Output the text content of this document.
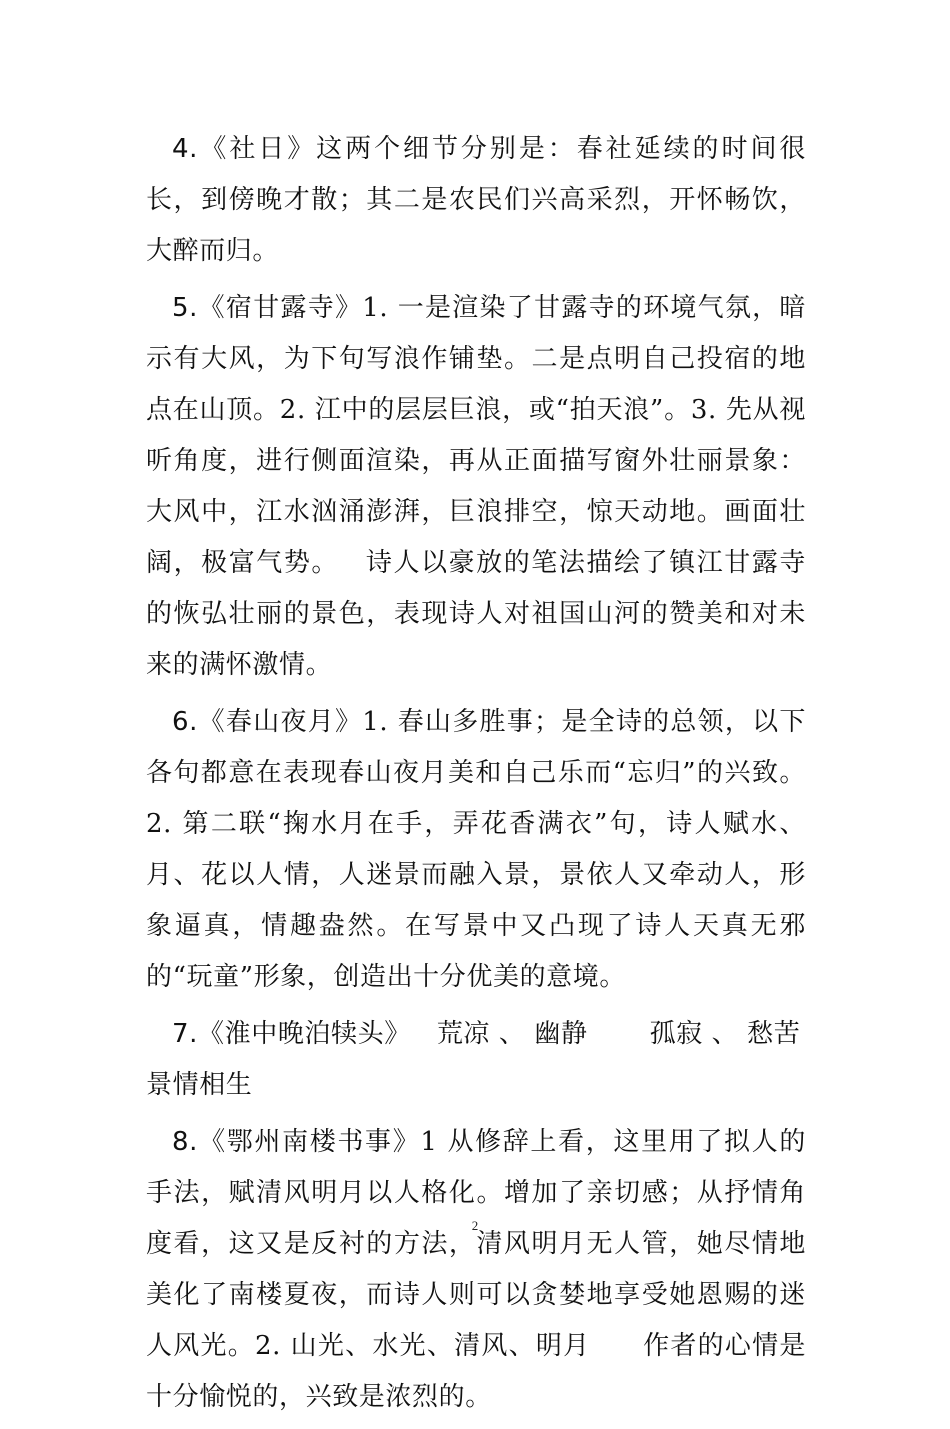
4.《社日》这两个细节分别是：春社延续的时间很长，到傍晚才散；其二是农民们兴高采烈，开怀畅饮，大醉而归。

5.《宿甘露寺》1. 一是渲染了甘露寺的环境气氛，暗示有大风，为下句写浪作铺垫。二是点明自己投宿的地点在山顶。2. 江中的层层巨浪，或“拍天浪”。3. 先从视听角度，进行侧面渲染，再从正面描写窗外壮丽景象：大风中，江水汹涌澎湃，巨浪排空，惊天动地。画面壮阔，极富气势。 诗人以豪放的笔法描绘了镇江甘露寺的恢弘壮丽的景色，表现诗人对祖国山河的赞美和对未来的满怀激情。

6.《春山夜月》1. 春山多胜事；是全诗的总领，以下各句都意在表现春山夜月美和自己乐而“忘归”的兴致。2. 第二联“掬水月在手，弄花香满衣”句，诗人赋水、月、花以人情，人迷景而融入景，景依人又牵动人，形象逼真，情趣盎然。在写景中又凸现了诗人天真无邪的“玩童”形象，创造出十分优美的意境。

7.《淮中晚泊犊头》 荒凉 、 幽静 孤寂 、 愁苦
景情相生

8.《鄂州南楼书事》1 从修辞上看，这里用了拟人的手法，赋清风明月以人格化。增加了亲切感；从抒情角度看，这又是反衬的方法，清风明月无人管，她尽情地美化了南楼夏夜，而诗人则可以贪婪地享受她恩赐的迷人风光。2. 山光、水光、清风、明月 作者的心情是十分愉悦的，兴致是浓烈的。

2
